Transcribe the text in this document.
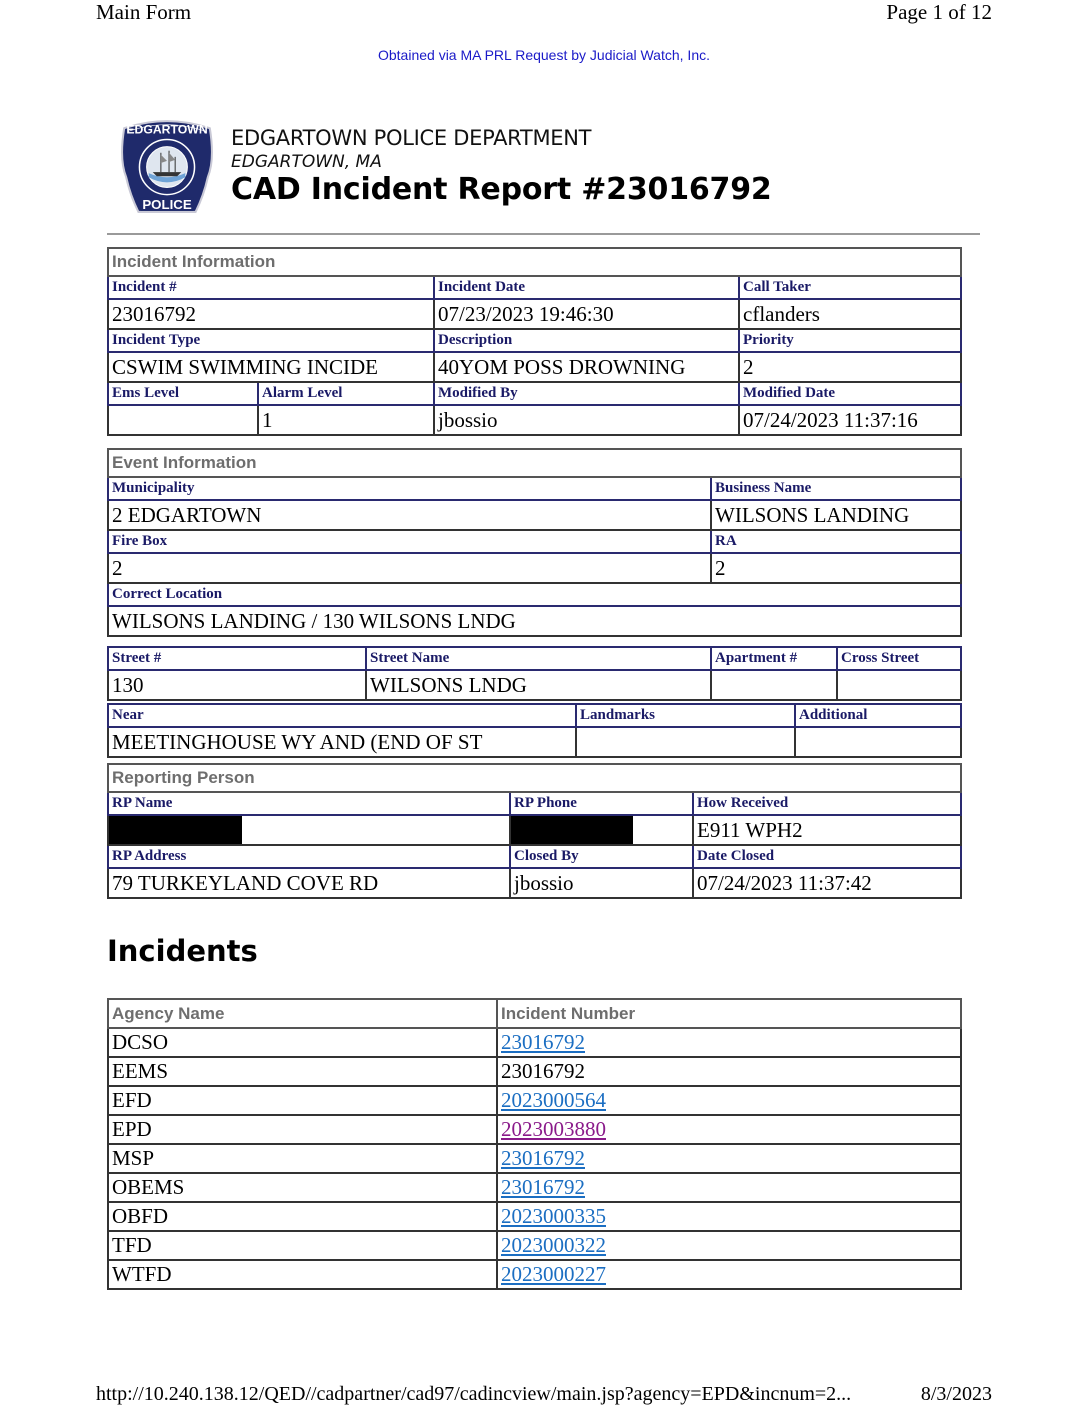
Main Form	Page 1 of 12
Obtained via MA PRL Request by Judicial Watch, Inc.
EDGARTOWN
POLICE
EDGARTOWN POLICE DEPARTMENT
EDGARTOWN, MA
CAD Incident Report #23016792
Incident Information			
Incident #		Incident Date	Call Taker
23016792		07/23/2023 19:46:30	cflanders
Incident Type		Description	Priority
CSWIM SWIMMING INCIDE		40YOM POSS DROWNING	2
Ems Level	Alarm Level	Modified By	Modified Date
	1	jbossio	07/24/2023 11:37:16
Event Information	
Municipality	Business Name
2 EDGARTOWN	WILSONS LANDING
Fire Box	RA
2	2
Correct Location	
WILSONS LANDING / 130 WILSONS LNDG	
Street #	Street Name	Apartment #	Cross Street
130	WILSONS LNDG		
Near	Landmarks	Additional
MEETINGHOUSE WY AND (END OF ST		
Reporting Person		
RP Name	RP Phone	How Received
		E911 WPH2
RP Address	Closed By	Date Closed
79 TURKEYLAND COVE RD	jbossio	07/24/2023 11:37:42
Incidents
Agency Name	Incident Number
DCSO	23016792
EEMS	23016792
EFD	2023000564
EPD	2023003880
MSP	23016792
OBEMS	23016792
OBFD	2023000335
TFD	2023000322
WTFD	2023000227
http://10.240.138.12/QED//cadpartner/cad97/cadincview/main.jsp?agency=EPD&incnum=2...	8/3/2023
